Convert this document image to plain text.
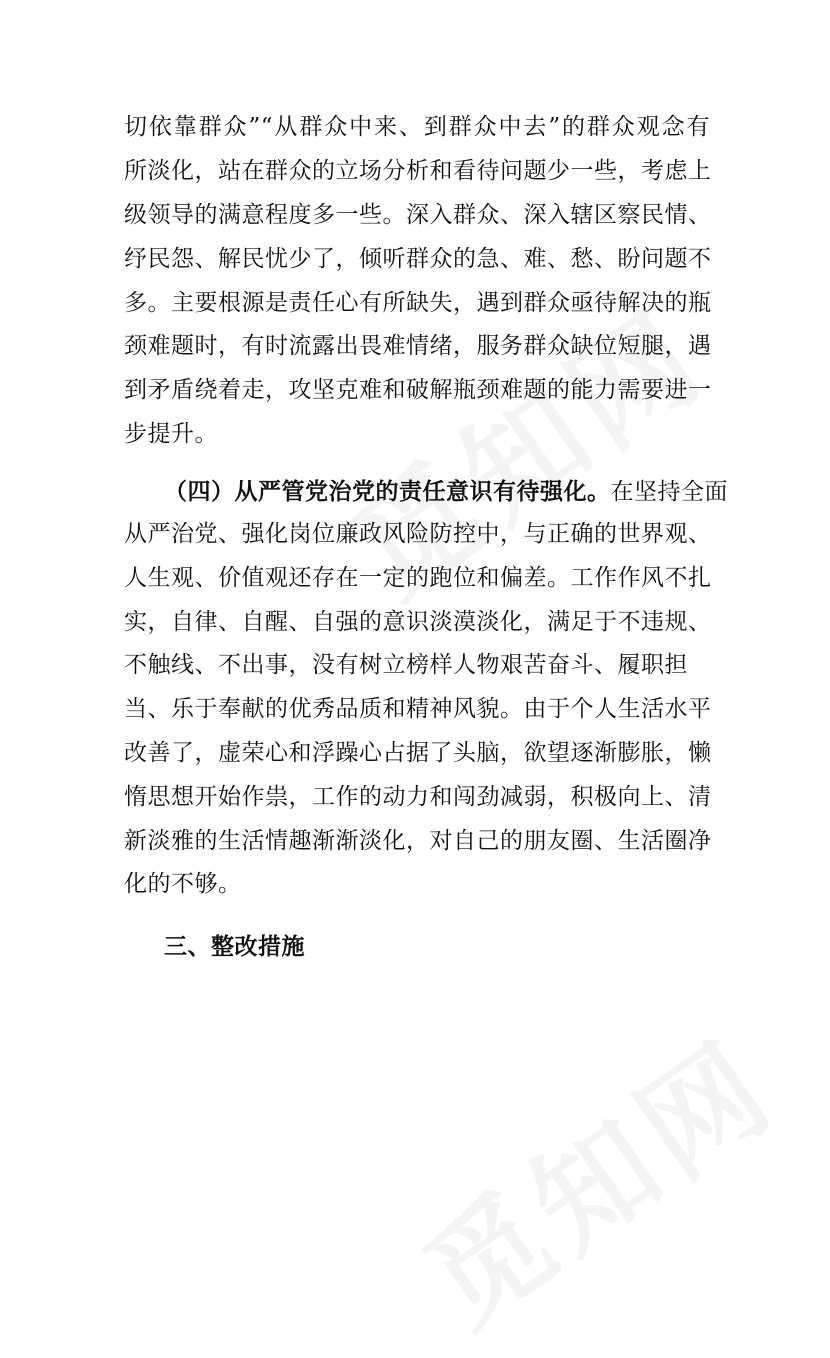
切依靠群众”“从群众中来、到群众中去”的群众观念有
所淡化，站在群众的立场分析和看待问题少一些，考虑上
级领导的满意程度多一些。深入群众、深入辖区察民情、
纾民怨、解民忧少了，倾听群众的急、难、愁、盼问题不
多。主要根源是责任心有所缺失，遇到群众亟待解决的瓶
颈难题时，有时流露出畏难情绪，服务群众缺位短腿，遇
到矛盾绕着走，攻坚克难和破解瓶颈难题的能力需要进一
步提升。
（四）从严管党治党的责任意识有待强化。 在坚持全面
从严治党、强化岗位廉政风险防控中，与正确的世界观、
人生观、价值观还存在一定的跑位和偏差。工作作风不扎
实，自律、自醒、自强的意识淡漠淡化，满足于不违规、
不触线、不出事，没有树立榜样人物艰苦奋斗、履职担
当、乐于奉献的优秀品质和精神风貌。由于个人生活水平
改善了，虚荣心和浮躁心占据了头脑，欲望逐渐膨胀，懒
惰思想开始作祟，工作的动力和闯劲减弱，积极向上、清
新淡雅的生活情趣渐渐淡化，对自己的朋友圈、生活圈净
化的不够。
三、整改措施
